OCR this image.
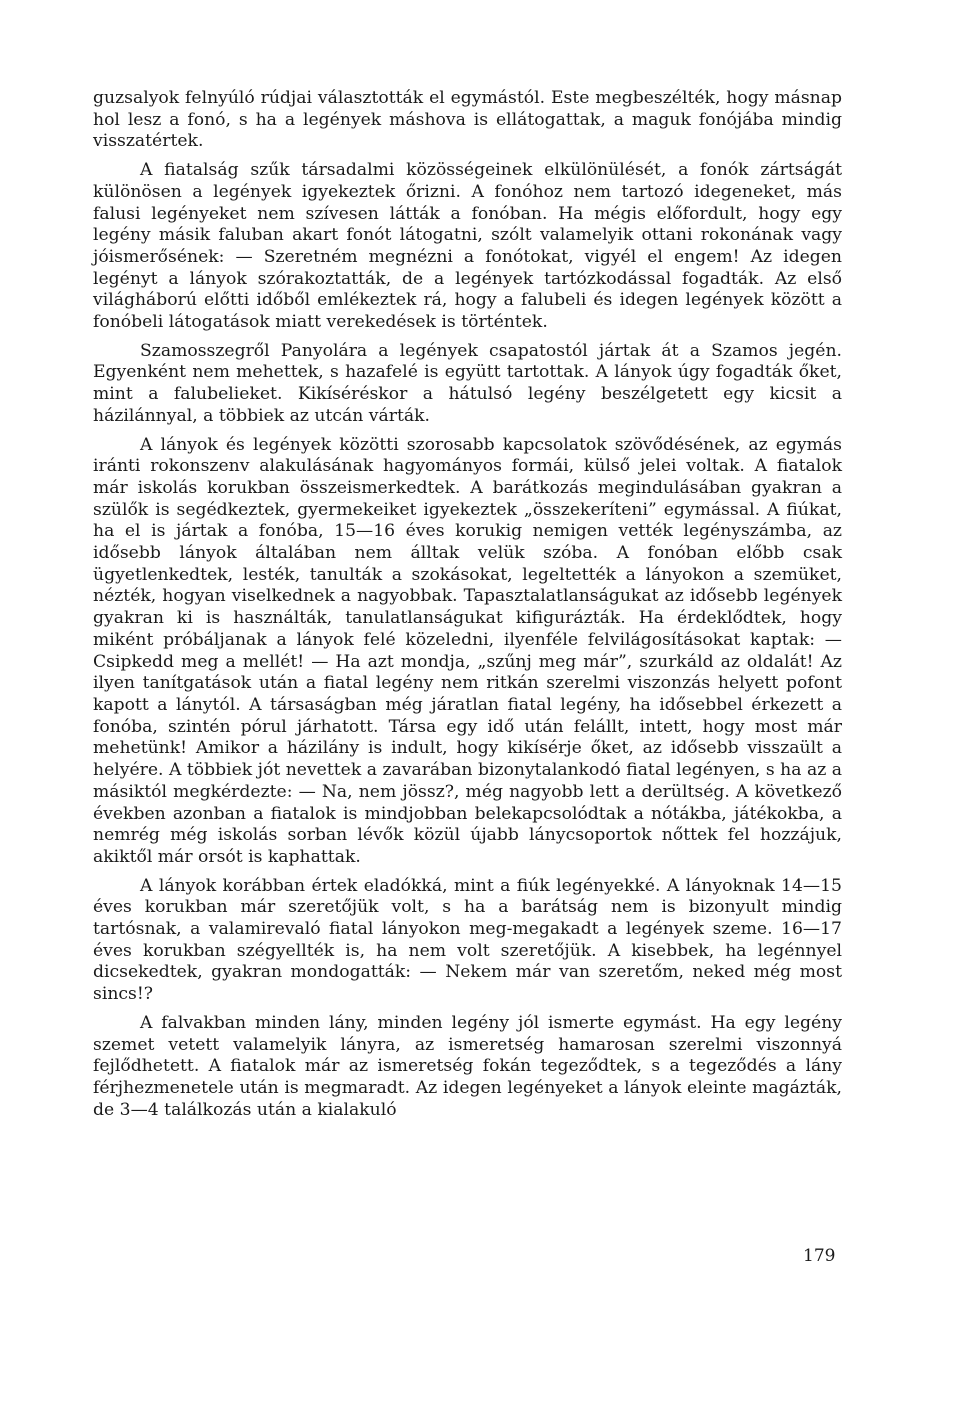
guzsalyok felnyúló rúdjai választották el egymástól. Este megbeszélték, hogy másnap hol lesz a fonó, s ha a legények máshova is ellátogattak, a maguk fonójába mindig visszatértek.

A fiatalság szűk társadalmi közösségeinek elkülönülését, a fonók zártságát különösen a legények igyekeztek őrizni. A fonóhoz nem tartozó idegeneket, más falusi legényeket nem szívesen látták a fonóban. Ha mégis előfordult, hogy egy legény másik faluban akart fonót látogatni, szólt valamelyik ottani rokonának vagy jóismerősének: — Szeretném megnézni a fonótokat, vigyél el engem! Az idegen legényt a lányok szórakoztatták, de a legények tartózkodással fogadták. Az első világháború előtti időből emlékeztek rá, hogy a falubeli és idegen legények között a fonóbeli látogatások miatt verekedések is történtek.

Szamosszegről Panyolára a legények csapatostól jártak át a Szamos jegén. Egyenként nem mehettek, s hazafelé is együtt tartottak. A lányok úgy fogadták őket, mint a falubelieket. Kikíséréskor a hátulsó legény beszélgetett egy kicsit a házilánnyal, a többiek az utcán várták.

A lányok és legények közötti szorosabb kapcsolatok szövődésének, az egymás iránti rokonszenv alakulásának hagyományos formái, külső jelei voltak. A fiatalok már iskolás korukban összeismerkedtek. A barátkozás megindulásában gyakran a szülők is segédkeztek, gyermekeiket igyekeztek „összekeríteni” egymással. A fiúkat, ha el is jártak a fonóba, 15—16 éves korukig nemigen vették legényszámba, az idősebb lányok általában nem álltak velük szóba. A fonóban előbb csak ügyetlenkedtek, lesték, tanulták a szokásokat, legeltették a lányokon a szemüket, nézték, hogyan viselkednek a nagyobbak. Tapasztalatlanságukat az idősebb legények gyakran ki is használták, tanulatlanságukat kifigurázták. Ha érdeklődtek, hogy miként próbáljanak a lányok felé közeledni, ilyenféle felvilágosításokat kaptak: — Csipkedd meg a mellét! — Ha azt mondja, „szűnj meg már”, szurkáld az oldalát! Az ilyen tanítgatások után a fiatal legény nem ritkán szerelmi viszonzás helyett pofont kapott a lánytól. A társaságban még járatlan fiatal legény, ha idősebbel érkezett a fonóba, szintén pórul járhatott. Társa egy idő után felállt, intett, hogy most már mehetünk! Amikor a házilány is indult, hogy kikísérje őket, az idősebb visszaült a helyére. A többiek jót nevettek a zavarában bizonytalankodó fiatal legényen, s ha az a másiktól megkérdezte: — Na, nem jössz?, még nagyobb lett a derültség. A következő években azonban a fiatalok is mindjobban belekapcsolódtak a nótákba, játékokba, a nemrég még iskolás sorban lévők közül újabb lánycsoportok nőttek fel hozzájuk, akiktől már orsót is kaphattak.

A lányok korábban értek eladókká, mint a fiúk legényekké. A lányoknak 14—15 éves korukban már szeretőjük volt, s ha a barátság nem is bizonyult mindig tartósnak, a valamirevaló fiatal lányokon meg-megakadt a legények szeme. 16—17 éves korukban szégyellték is, ha nem volt szeretőjük. A kisebbek, ha legénnyel dicsekedtek, gyakran mondogatták: — Nekem már van szeretőm, neked még most sincs!?

A falvakban minden lány, minden legény jól ismerte egymást. Ha egy legény szemet vetett valamelyik lányra, az ismeretség hamarosan szerelmi viszonnyá fejlődhetett. A fiatalok már az ismeretség fokán tegeződtek, s a tegeződés a lány férjhezmenetele után is megmaradt. Az idegen legényeket a lányok eleinte magázták, de 3—4 találkozás után a kialakuló

179
